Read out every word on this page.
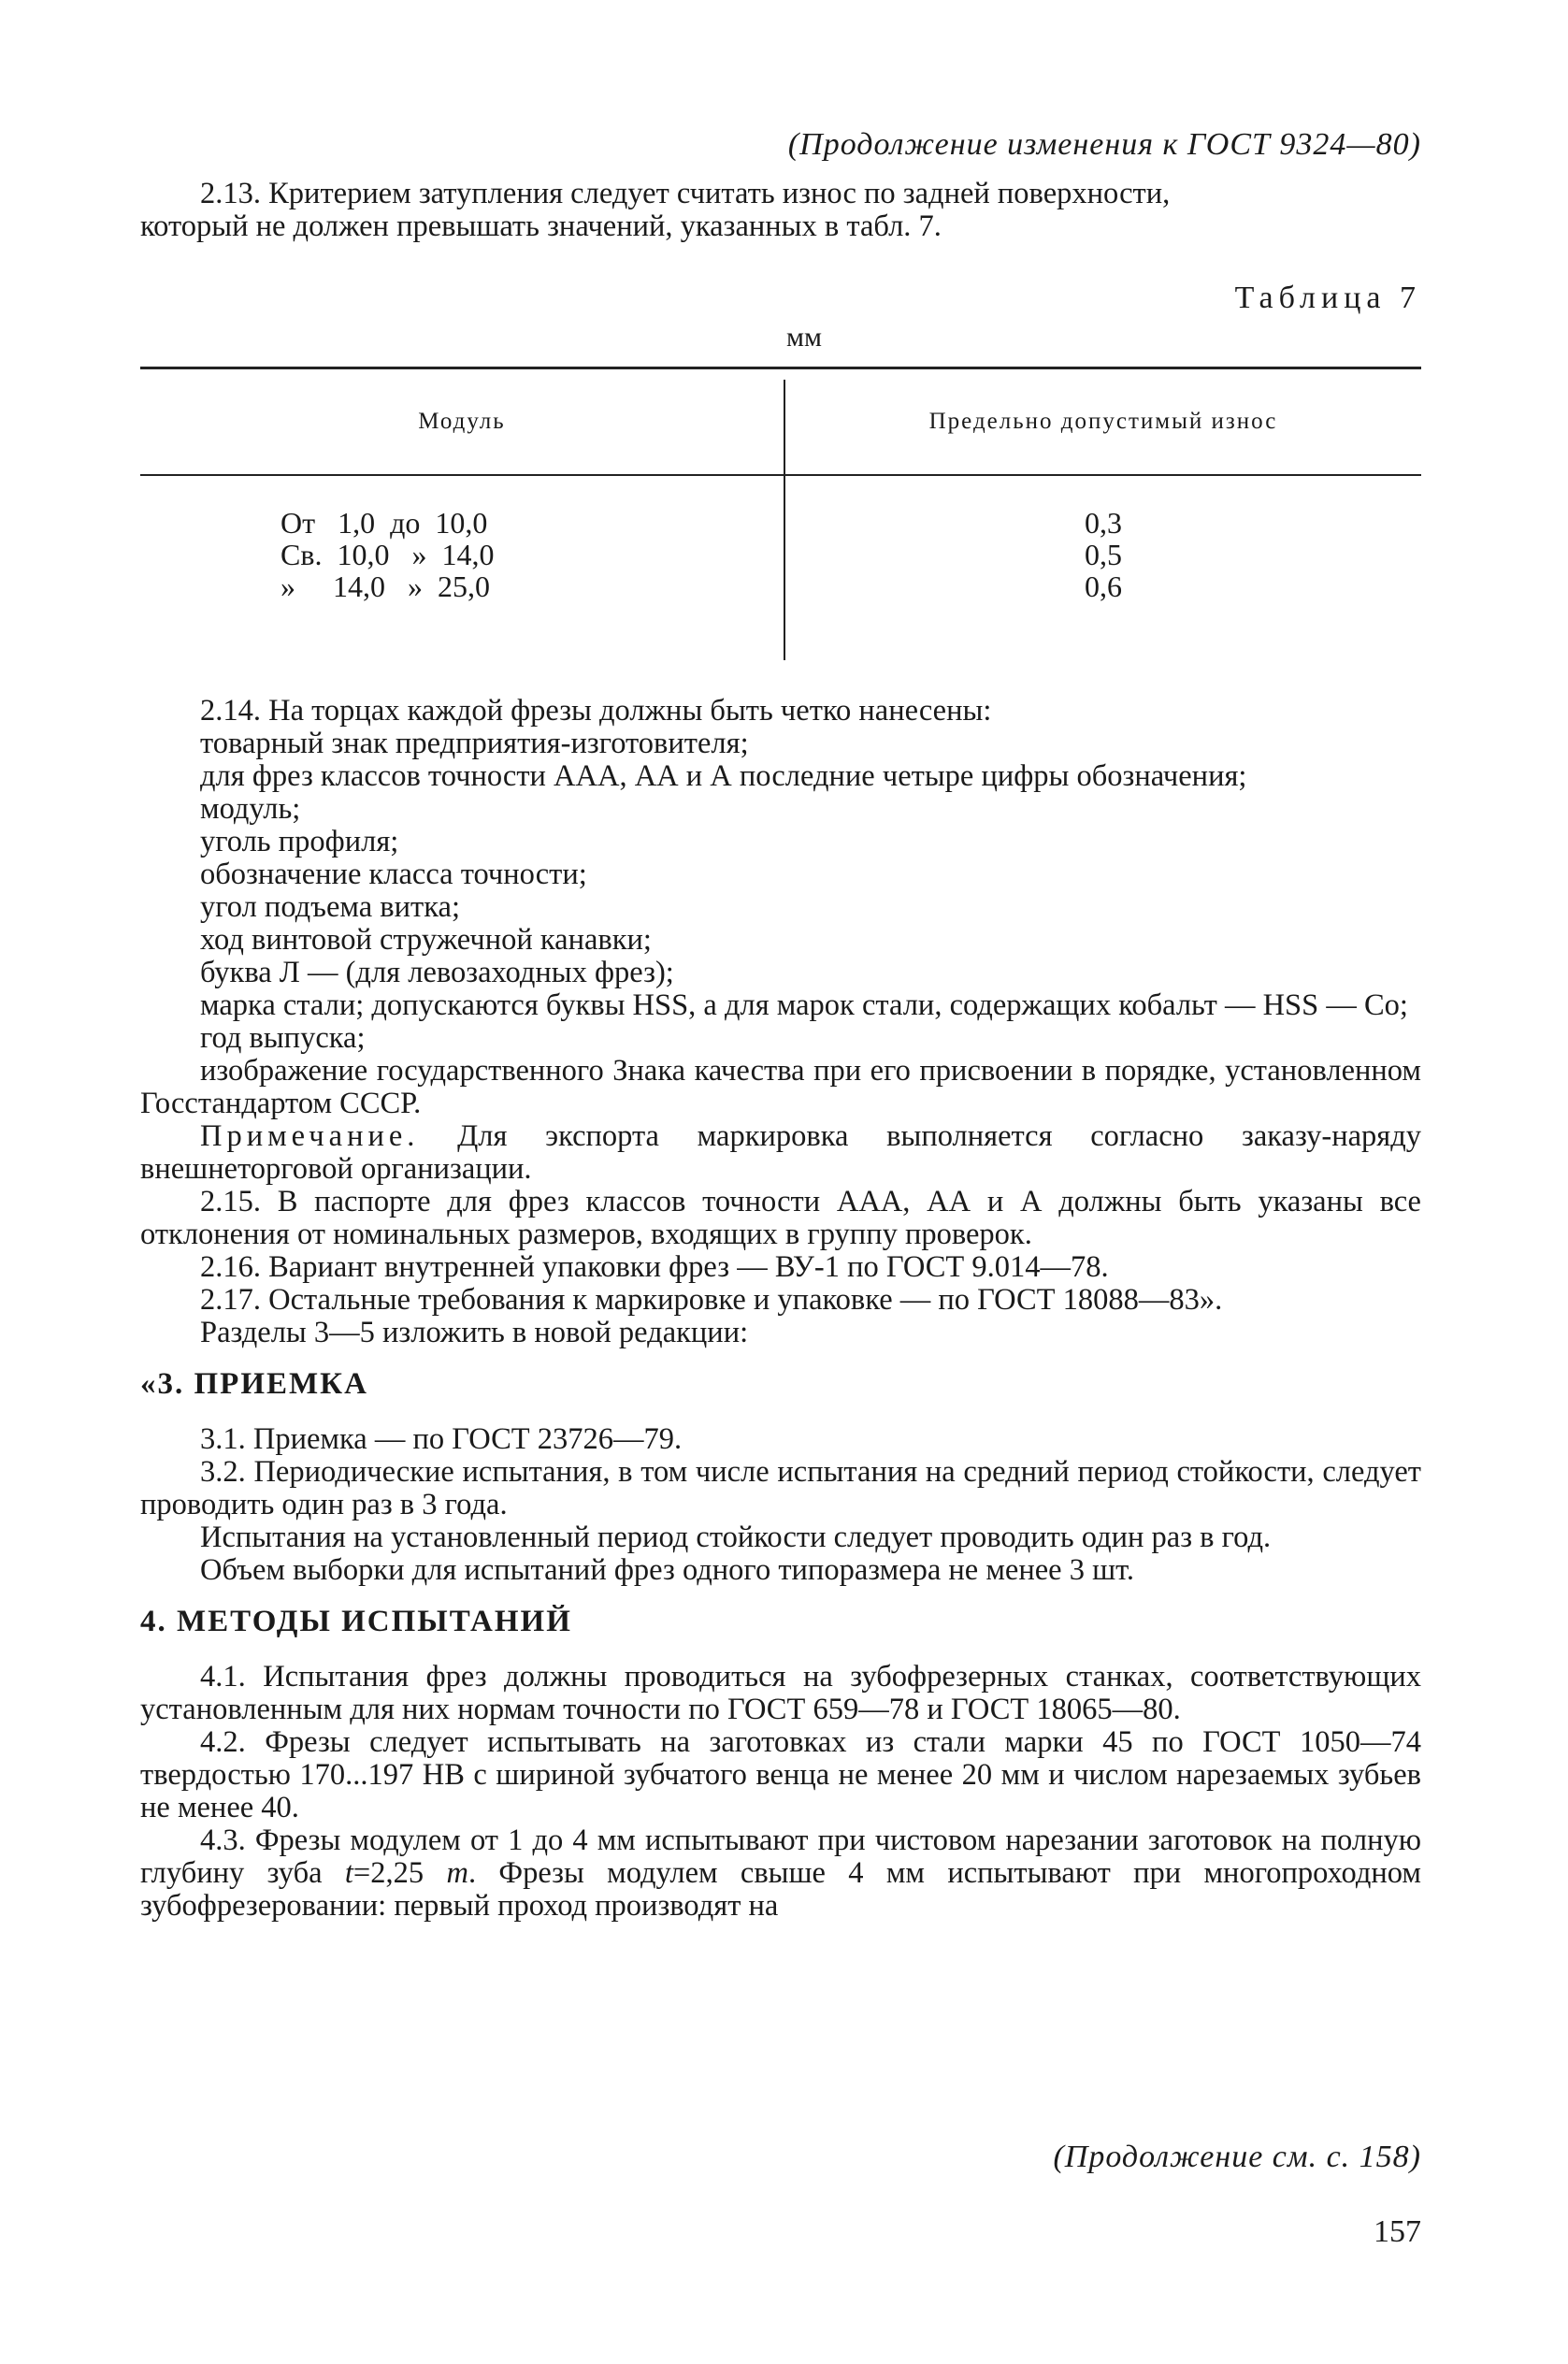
(Продолжение изменения к ГОСТ 9324—80)

2.13. Критерием затупления следует считать износ по задней поверхности,

который не должен превышать значений, указанных в табл. 7.

Таблица 7
мм
Модуль	Предельно допустимый износ
От   1,0  до  10,0
Св.  10,0   »  14,0
»     14,0   »  25,0
0,3
0,5
0,6

2.14. На торцах каждой фрезы должны быть четко нанесены:

товарный знак предприятия-изготовителя;

для фрез классов точности ААА, АА и А последние четыре цифры обозначения;

модуль;

уголь профиля;

обозначение класса точности;

угол подъема витка;

ход винтовой стружечной канавки;

буква Л — (для левозаходных фрез);

марка стали; допускаются буквы HSS, а для марок стали, содержащих кобальт — HSS — Co;

год выпуска;

изображение государственного Знака качества при его присвоении в порядке, установленном Госстандартом СССР.

Примечание. Для экспорта маркировка выполняется согласно заказу-наряду внешнеторговой организации.

2.15. В паспорте для фрез классов точности ААА, АА и А должны быть указаны все отклонения от номинальных размеров, входящих в группу проверок.

2.16. Вариант внутренней упаковки фрез — ВУ-1 по ГОСТ 9.014—78.

2.17. Остальные требования к маркировке и упаковке — по ГОСТ 18088—83».

Разделы 3—5 изложить в новой редакции:

«3. ПРИЕМКА

3.1. Приемка — по ГОСТ 23726—79.

3.2. Периодические испытания, в том числе испытания на средний период стойкости, следует проводить один раз в 3 года.

Испытания на установленный период стойкости следует проводить один раз в год.

Объем выборки для испытаний фрез одного типоразмера не менее 3 шт.

4. МЕТОДЫ ИСПЫТАНИЙ

4.1. Испытания фрез должны проводиться на зубофрезерных станках, соответствующих установленным для них нормам точности по ГОСТ 659—78 и ГОСТ 18065—80.

4.2. Фрезы следует испытывать на заготовках из стали марки 45 по ГОСТ 1050—74 твердостью 170...197 НВ с шириной зубчатого венца не менее 20 мм и числом нарезаемых зубьев не менее 40.

4.3. Фрезы модулем от 1 до 4 мм испытывают при чистовом нарезании заготовок на полную глубину зуба t=2,25 m. Фрезы модулем свыше 4 мм испытывают при многопроходном зубофрезеровании: первый проход производят на

(Продолжение см. с. 158)
157
